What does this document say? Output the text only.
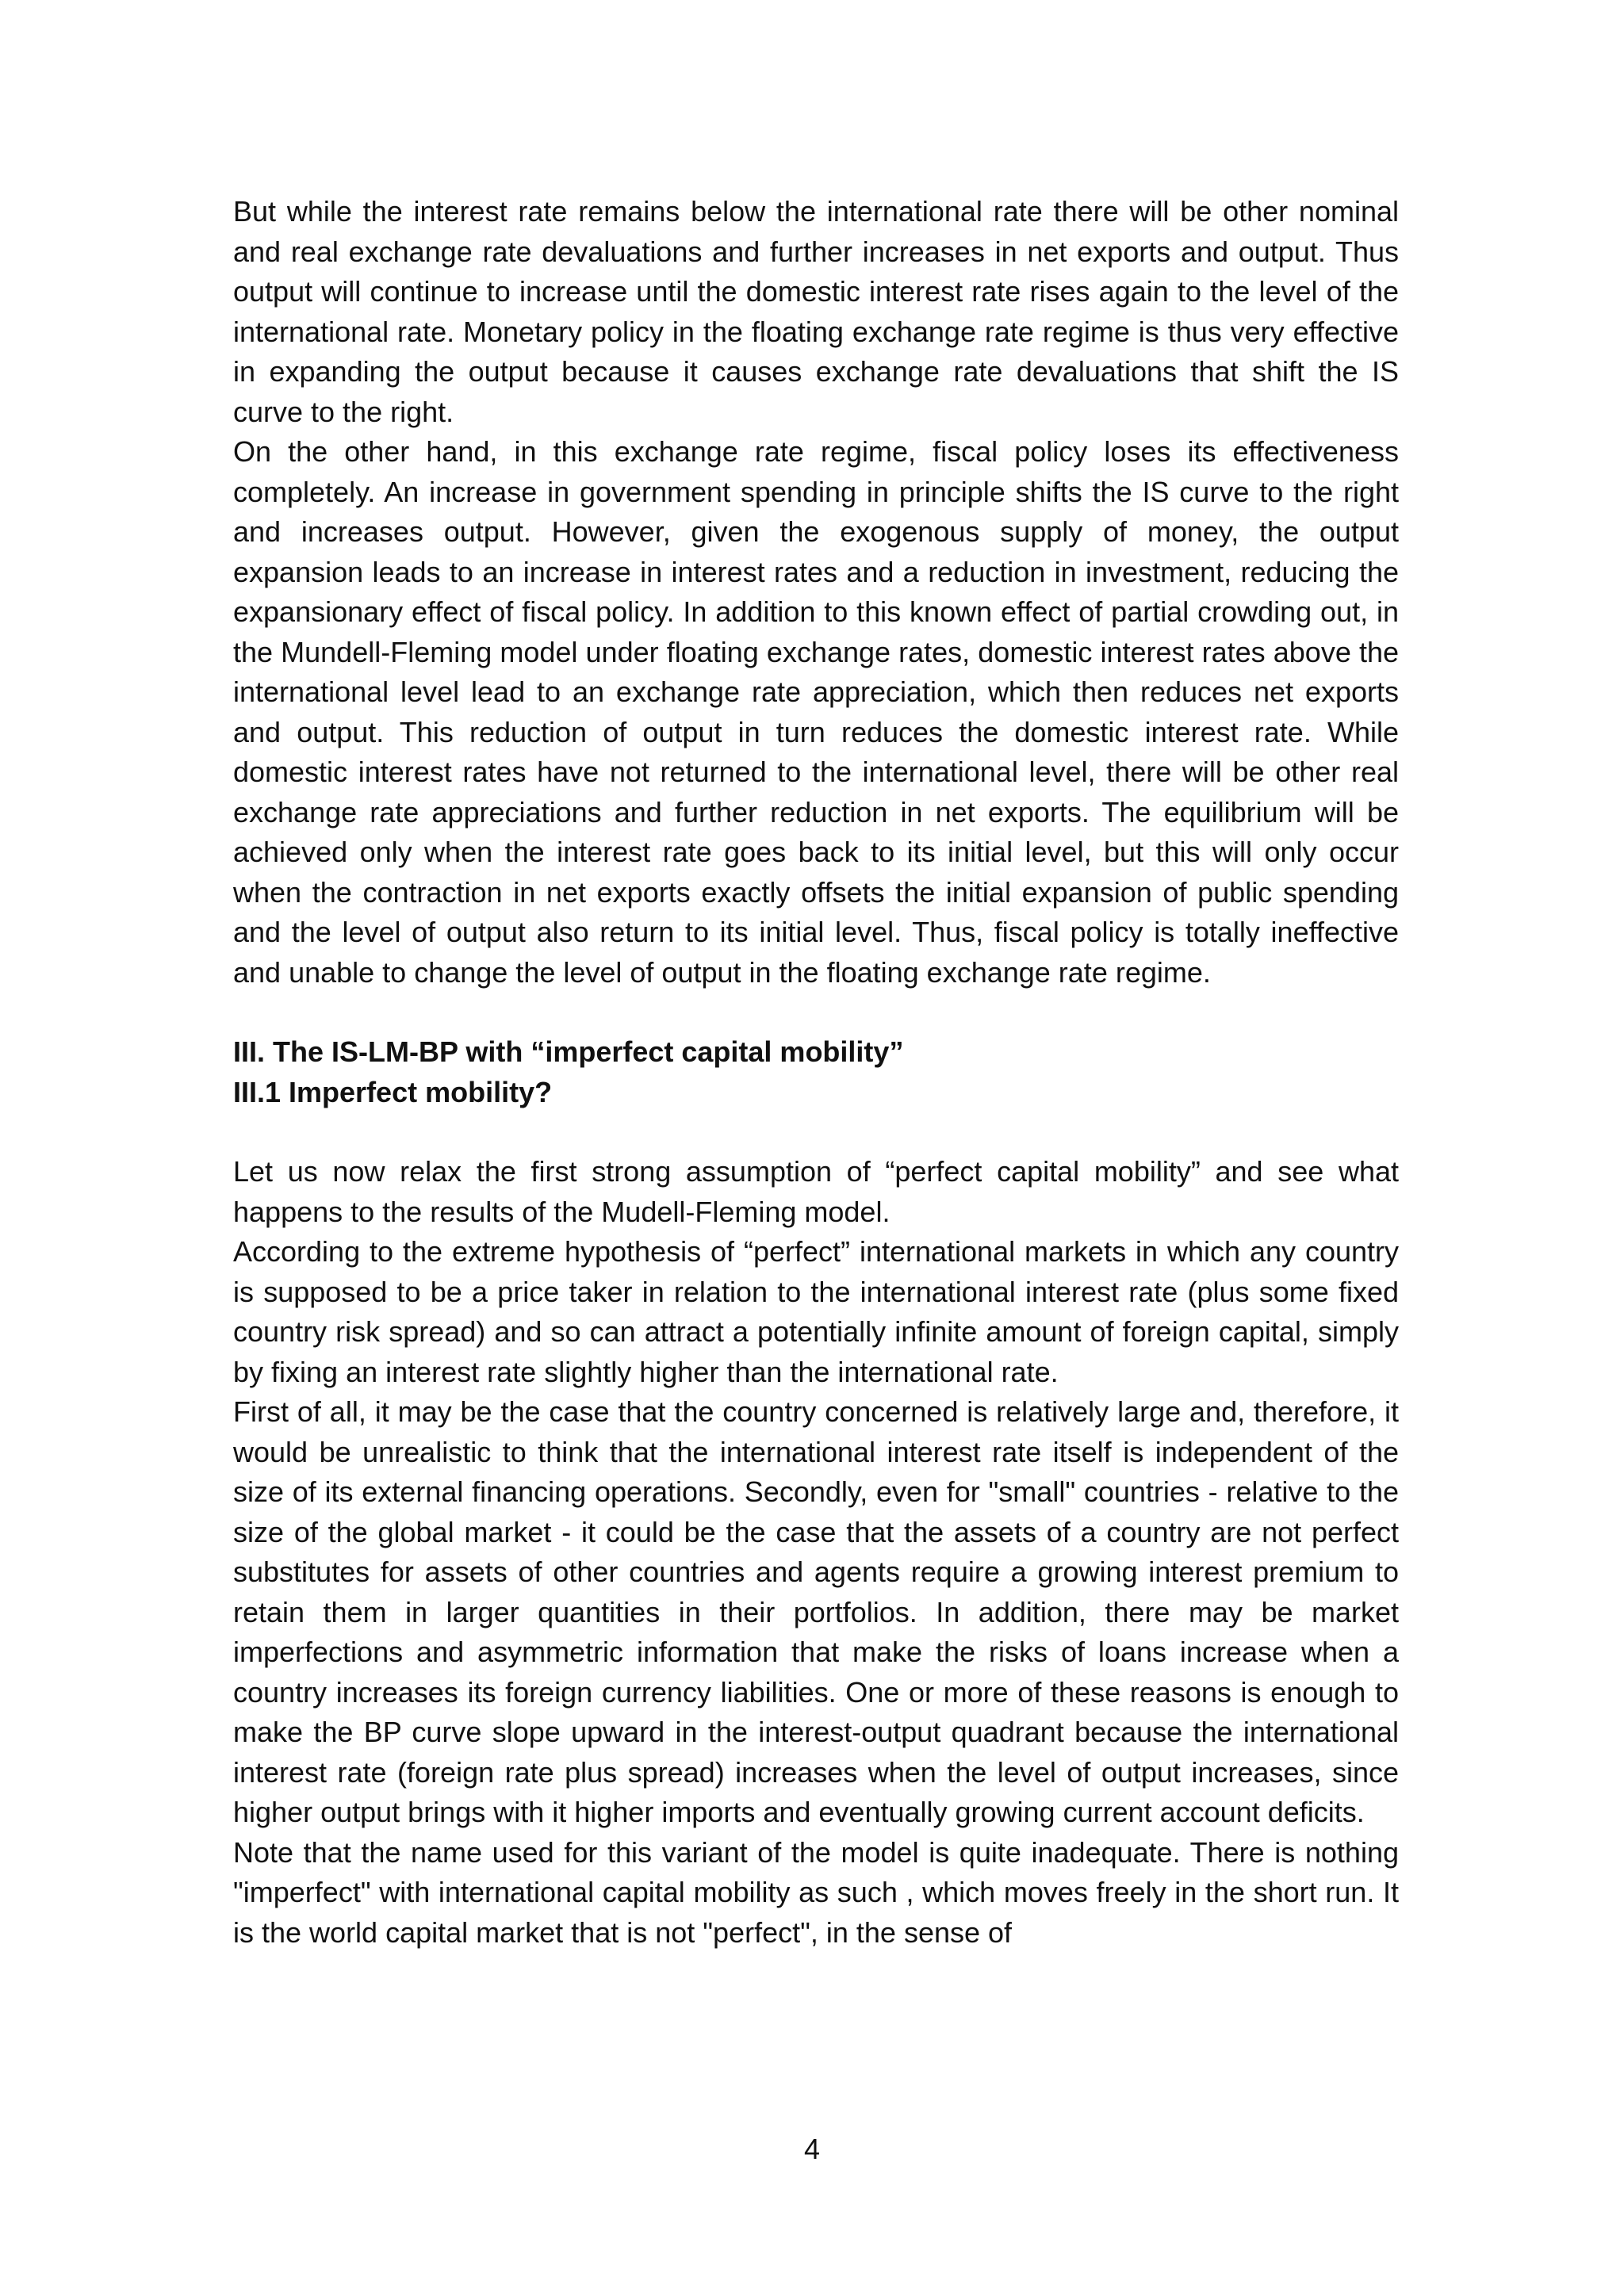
But while the interest rate remains below the international rate there will be other nominal and real exchange rate devaluations and further increases in net exports and output. Thus output will continue to increase until the domestic interest rate rises again to the level of the international rate. Monetary policy in the floating exchange rate regime is thus very effective in expanding the output because it causes exchange rate devaluations that shift the IS curve to the right.

On the other hand, in this exchange rate regime, fiscal policy loses its effectiveness completely. An increase in government spending in principle shifts the IS curve to the right and increases output. However, given the exogenous supply of money, the output expansion leads to an increase in interest rates and a reduction in investment, reducing the expansionary effect of fiscal policy. In addition to this known effect of partial crowding out, in the Mundell-Fleming model under floating exchange rates, domestic interest rates above the international level lead to an exchange rate appreciation, which then reduces net exports and output. This reduction of output in turn reduces the domestic interest rate. While domestic interest rates have not returned to the international level, there will be other real exchange rate appreciations and further reduction in net exports. The equilibrium will be achieved only when the interest rate goes back to its initial level, but this will only occur when the contraction in net exports exactly offsets the initial expansion of public spending and the level of output also return to its initial level. Thus, fiscal policy is totally ineffective and unable to change the level of output in the floating exchange rate regime.

III. The IS-LM-BP with “imperfect capital mobility”

III.1 Imperfect mobility?

Let us now relax the first strong assumption of “perfect capital mobility” and see what happens to the results of the Mudell-Fleming model.

According to the extreme hypothesis of “perfect” international markets in which any country is supposed to be a price taker in relation to the international interest rate (plus some fixed country risk spread) and so can attract a potentially infinite amount of foreign capital, simply by fixing an interest rate slightly higher than the international rate.

First of all, it may be the case that the country concerned is relatively large and, therefore, it would be unrealistic to think that the international interest rate itself is independent of the size of its external financing operations. Secondly, even for "small" countries - relative to the size of the global market - it could be the case that the assets of a country are not perfect substitutes for assets of other countries and agents require a growing interest premium to retain them in larger quantities in their portfolios. In addition, there may be market imperfections and asymmetric information that make the risks of loans increase when a country increases its foreign currency liabilities. One or more of these reasons is enough to make the BP curve slope upward in the interest-output quadrant because the international interest rate (foreign rate plus spread) increases when the level of output increases, since higher output brings with it higher imports and eventually growing current account deficits.

Note that the name used for this variant of the model is quite inadequate. There is nothing "imperfect" with international capital mobility as such , which moves freely in the short run. It is the world capital market that is not "perfect", in the sense of

4
